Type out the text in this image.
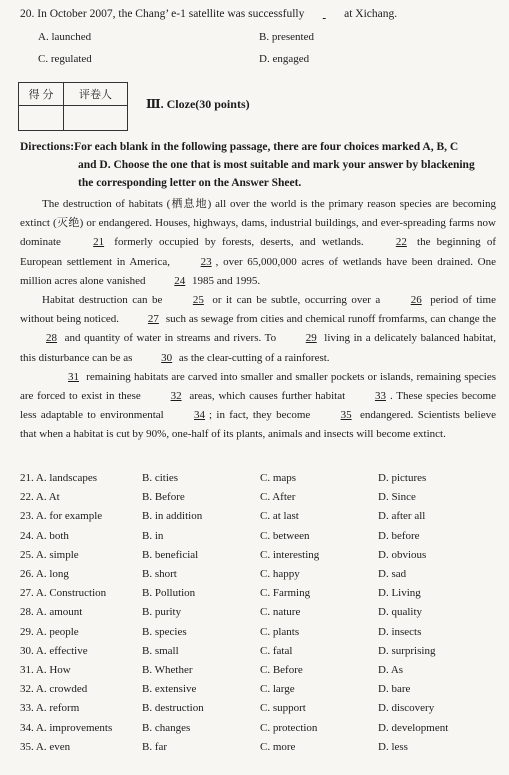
20. In October 2007, the Chang’ e-1 satellite was successfully	at Xichang.
A. launched	B. presented
C. regulated	D. engaged
得 分	评卷人
Ⅲ. Cloze(30 points)
Directions:For each blank in the following passage, there are four choices marked A, B, C
and D. Choose the one that is most suitable and mark your answer by blackening
the corresponding letter on the Answer Sheet.

The destruction of habitats (栖息地) all over the world is the primary reason species are becoming extinct (灭绝) or endangered. Houses, highways, dams, industrial buildings, and ever-spreading farms now dominate 21 formerly occupied by forests, deserts, and wetlands. 22 the beginning of European settlement in America, 23 , over 65,000,000 acres of wetlands have been drained. One million acres alone vanished 24 1985 and 1995.

Habitat destruction can be 25 or it can be subtle, occurring over a 26 period of time without being noticed. 27 such as sewage from cities and chemical runoff fromfarms, can change the 28 and quantity of water in streams and rivers. To 29 living in a delicately balanced habitat, this disturbance can be as 30 as the clear-cutting of a rainforest.

31 remaining habitats are carved into smaller and smaller pockets or islands, remaining species are forced to exist in these 32 areas, which causes further habitat 33 . These species become less adaptable to environmental 34 ; in fact, they become 35 endangered. Scientists believe that when a habitat is cut by 90%, one-half of its plants, animals and insects will become extinct.

21. A. landscapes	B. cities	C. maps	D. pictures
22. A. At	B. Before	C. After	D. Since
23. A. for example	B. in addition	C. at last	D. after all
24. A. both	B. in	C. between	D. before
25. A. simple	B. beneficial	C. interesting	D. obvious
26. A. long	B. short	C. happy	D. sad
27. A. Construction	B. Pollution	C. Farming	D. Living
28. A. amount	B. purity	C. nature	D. quality
29. A. people	B. species	C. plants	D. insects
30. A. effective	B. small	C. fatal	D. surprising
31. A. How	B. Whether	C. Before	D. As
32. A. crowded	B. extensive	C. large	D. bare
33. A. reform	B. destruction	C. support	D. discovery
34. A. improvements	B. changes	C. protection	D. development
35. A. even	B. far	C. more	D. less
